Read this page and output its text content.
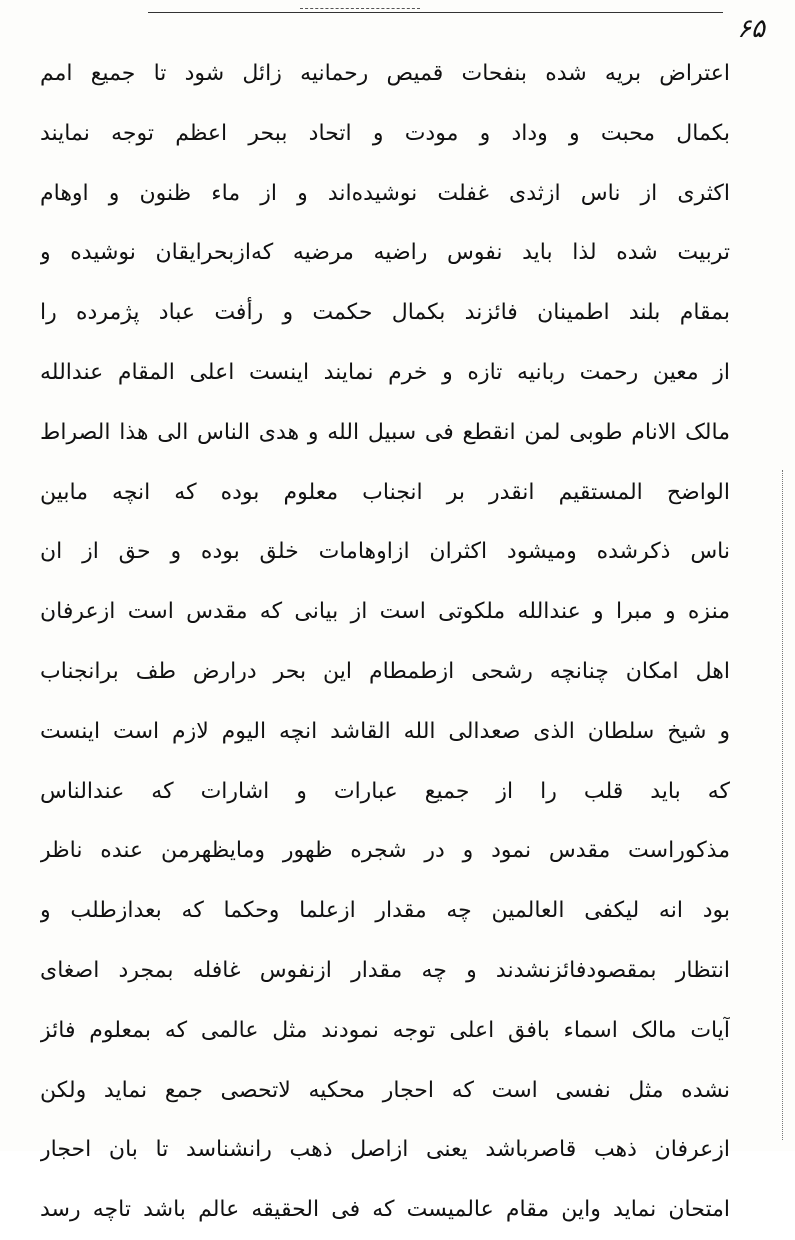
۶۵
اعتراض بریه شده بنفحات قمیص رحمانیه زائل شود تا جمیع امم
بکمال محبت و وداد و مودت و اتحاد ببحر اعظم توجه نمایند
اکثری از ناس ازثدی غفلت نوشیده‌اند و از ماء ظنون و اوهام
تربیت شده لذا باید نفوس راضیه مرضیه که‌ازبحرایقان نوشیده و
بمقام بلند اطمینان فائزند بکمال حکمت و رأفت عباد پژمرده را
از معین رحمت ربانیه تازه و خرم نمایند اینست اعلی المقام عندالله
مالک الانام طوبی لمن انقطع فی سبیل الله و هدی الناس الی هذا الصراط
الواضح المستقیم انقدر بر انجناب معلوم بوده که انچه مابین
ناس ذکرشده ومیشود اکثران ازاوهامات خلق بوده و حق از ان
منزه و مبرا و عندالله ملکوتی است از بیانی که مقدس است ازعرفان
اهل امکان چنانچه رشحی ازطمطام این بحر درارض طف برانجناب
و شیخ سلطان الذی صعدالی الله القاشد انچه الیوم لازم است اینست
که باید قلب را از جمیع عبارات و اشارات که عندالناس
مذکوراست مقدس نمود و در شجره ظهور ومایظهرمن عنده ناظر
بود انه لیکفی العالمین چه مقدار ازعلما وحکما که بعدازطلب و
انتظار بمقصودفائزنشدند و چه مقدار ازنفوس غافله بمجرد اصغای
آیات مالک اسماء بافق اعلی توجه نمودند مثل عالمی که بمعلوم فائز
نشده مثل نفسی است که احجار محکیه لاتحصی جمع نماید ولکن
ازعرفان ذهب قاصرباشد یعنی ازاصل ذهب رانشناسد تا بان احجار
امتحان نماید واین مقام عالمیست که فی الحقیقه عالم باشد تاچه رسد
